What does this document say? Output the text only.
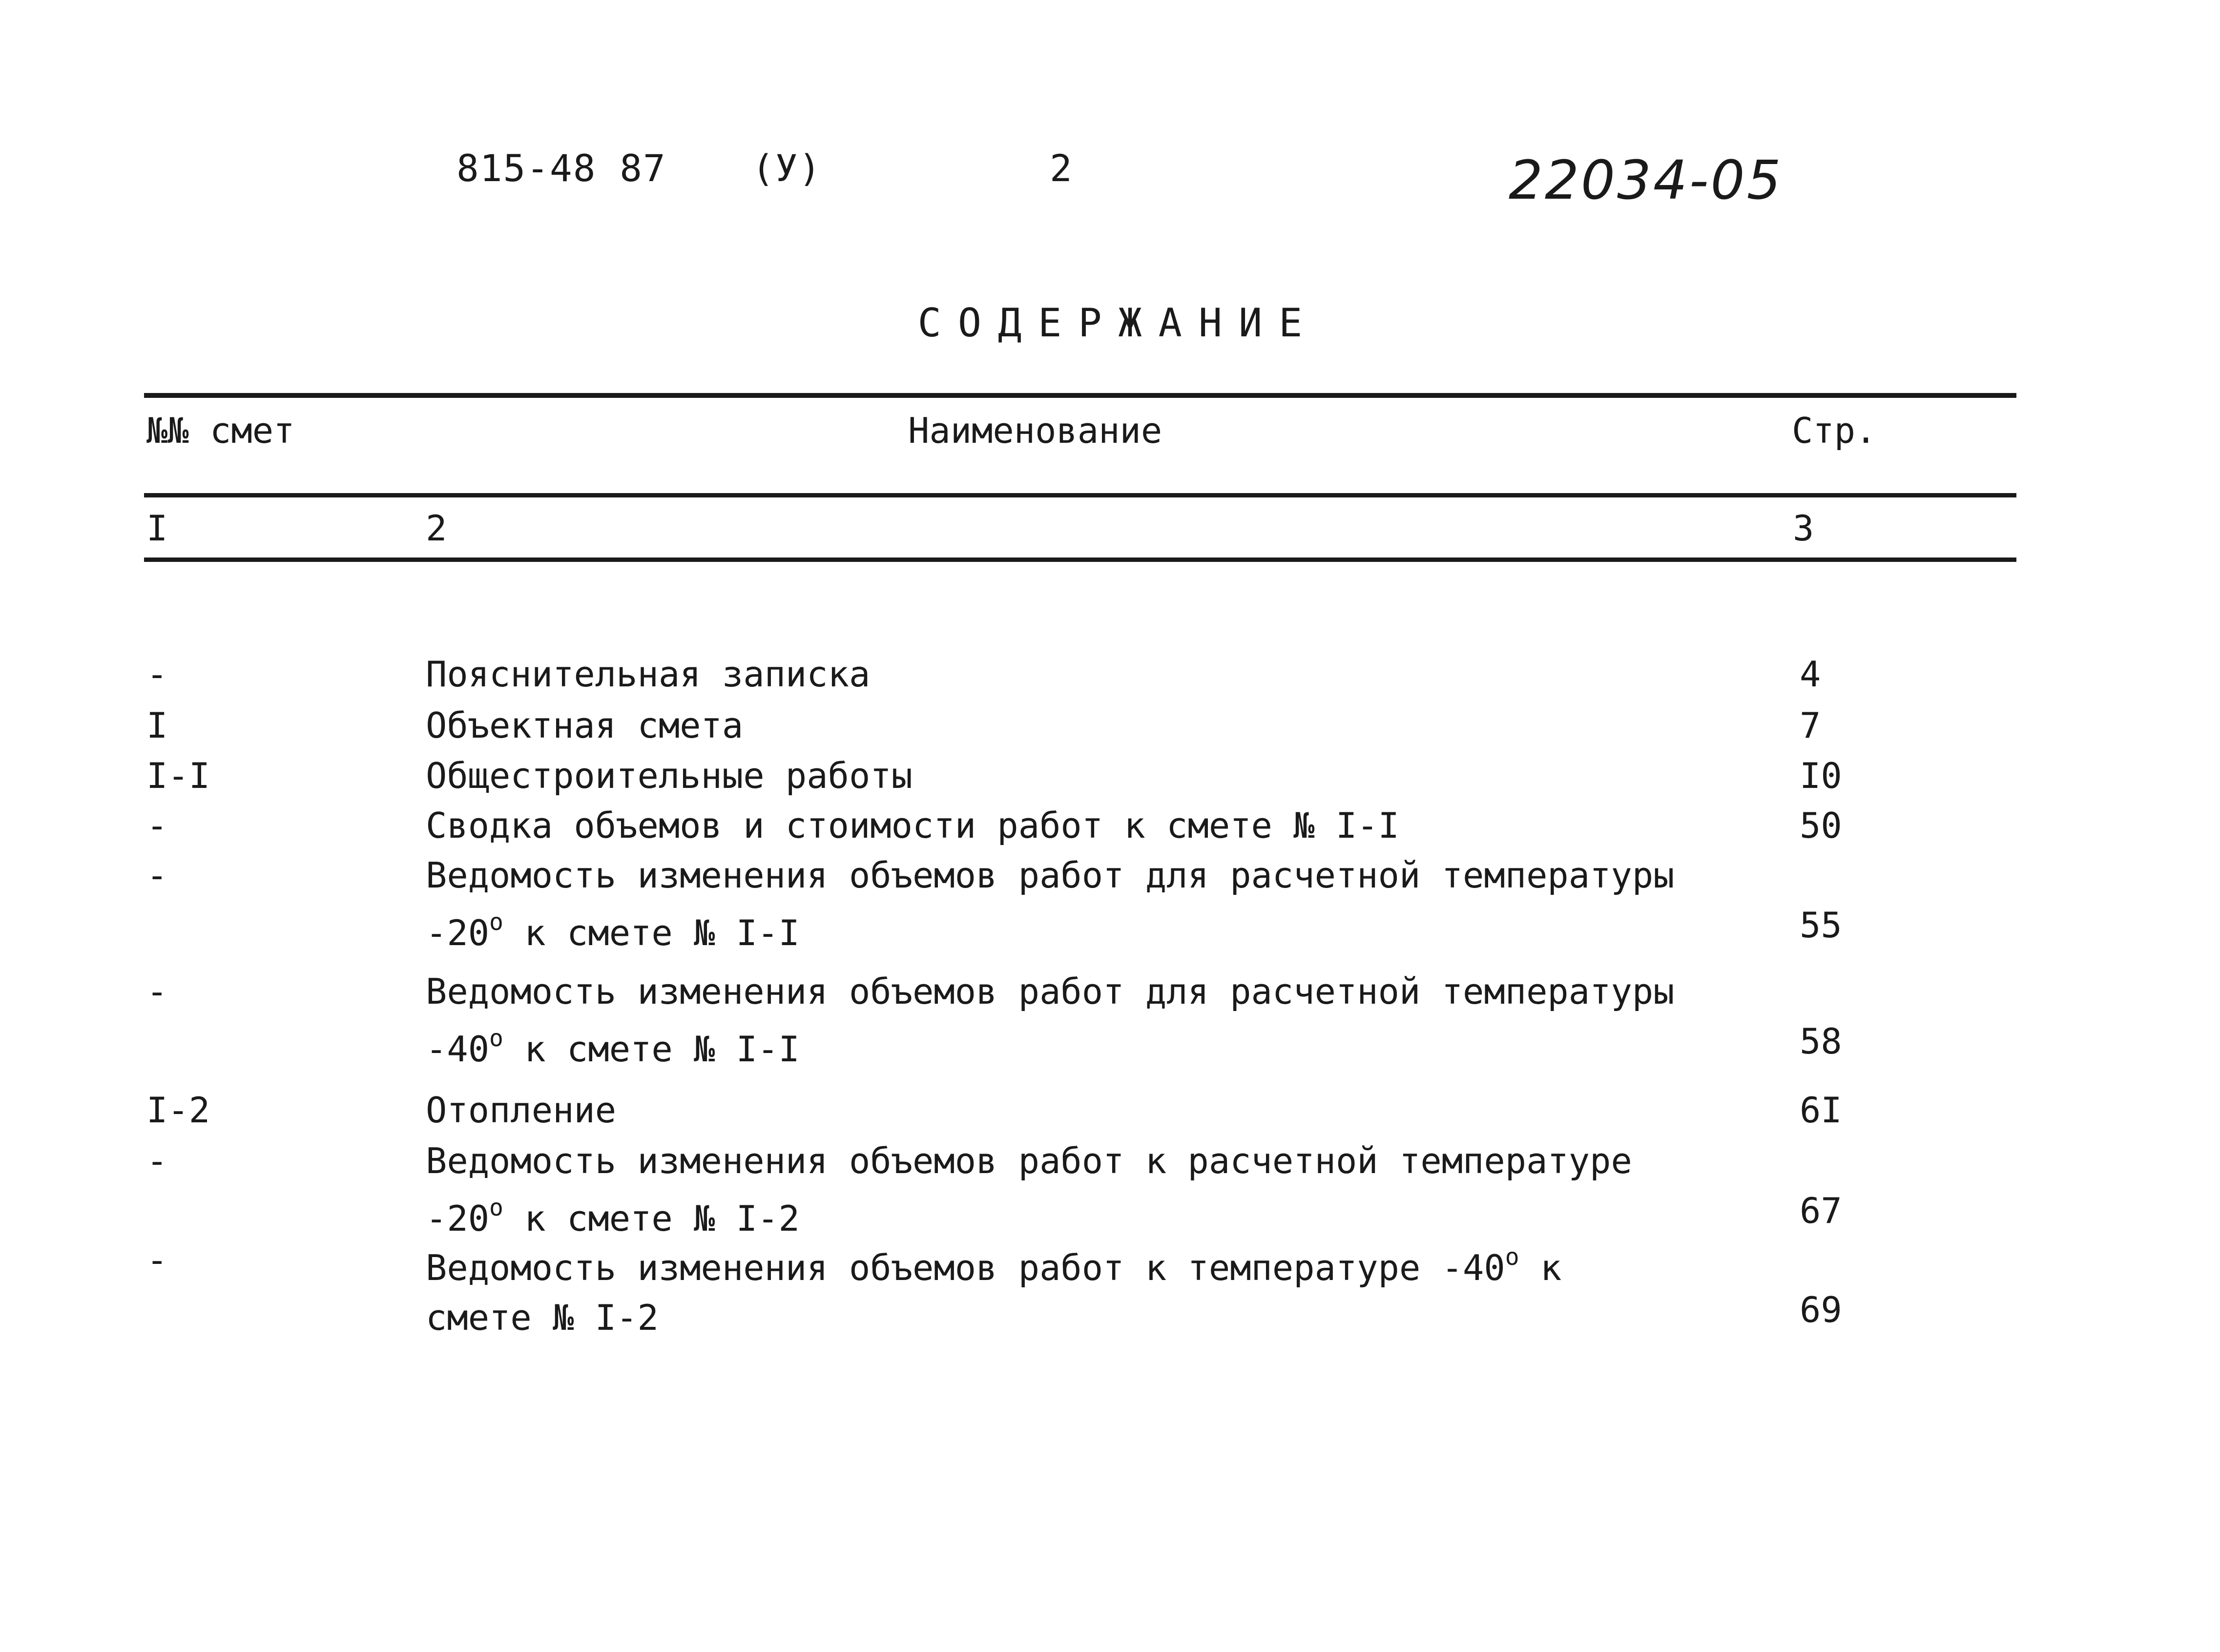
815-48 87 (У)	2	22034-05
СОДЕРЖАНИЕ
№№ смет	Наименование	Стр.
I	2	3
-	Пояснительная записка	4
I	Объектная смета	7
I-I	Общестроительные работы	I0
-	Сводка объемов и стоимости работ к смете № I-I	50
-	Ведомость изменения объемов работ для расчетной температуры
-20$^o$ к смете № I-I	55
-	Ведомость изменения объемов работ для расчетной температуры
-40$^o$ к смете № I-I	58
I-2	Отопление	6I
-	Ведомость изменения объемов работ к расчетной температуре
-20$^o$ к смете № I-2	67
-	Ведомость изменения объемов работ к температуре -40$^o$ к
смете № I-2	69
